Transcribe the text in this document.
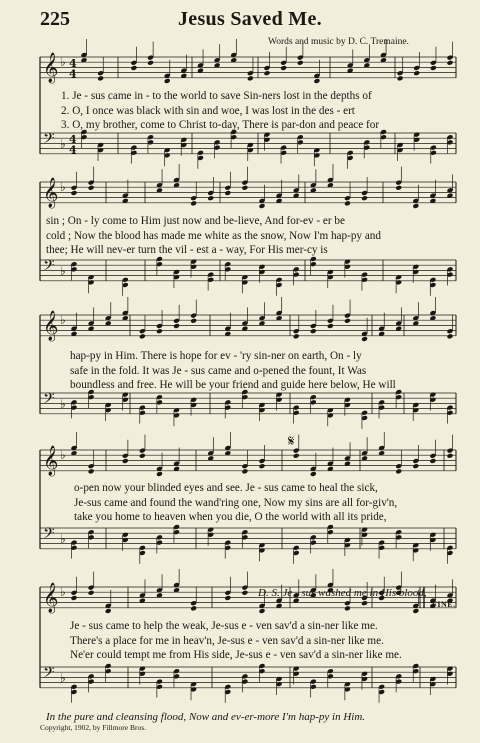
225	Jesus Saved Me.
Words and music by D. C. Tremaine.
𝄞 ♭ 4
4
𝄢 ♭ 4
4
𝄞 ♭
𝄢 ♭
𝄞 ♭
𝄢 ♭
𝄞 ♭
𝄢 ♭
𝄞 ♭
𝄢 ♭
𝄋
1. Je - sus came in - to the world to save Sin-ners lost in the depths of
2. O, I once was black with sin and woe, I was lost in the des - ert
3. O, my brother, come to Christ to-day, There is par-don and peace for
sin ; On - ly come to Him just now and be-lieve, And for-ev - er be
cold ; Now the blood has made me white as the snow, Now I'm hap-py and
thee; He will nev-er turn the vil - est a - way, For His mer-cy is
hap-py in Him. There is hope for ev - 'ry sin-ner on earth, On - ly
safe in the fold. It was Je - sus came and o-pened the fount, It Was
boundless and free. He will be your friend and guide here below, He will
o-pen now your blinded eyes and see. Je - sus came to heal the sick,
Je-sus came and found the wand'ring one, Now my sins are all for-giv'n,
take you home to heaven when you die, O the world with all its pride,
Je - sus came to help the weak, Je-sus e - ven sav'd a sin-ner like me.
There's a place for me in heav'n, Je-sus e - ven sav'd a sin-ner like me.
Ne'er could tempt me from His side, Je-sus e - ven sav'd a sin-ner like me.
D. S. Je - sus washed me in His blood,
FINE.
In the pure and cleansing flood, Now and ev-er-more I'm hap-py in Him.
Copyright, 1902, by Fillmore Bros.
